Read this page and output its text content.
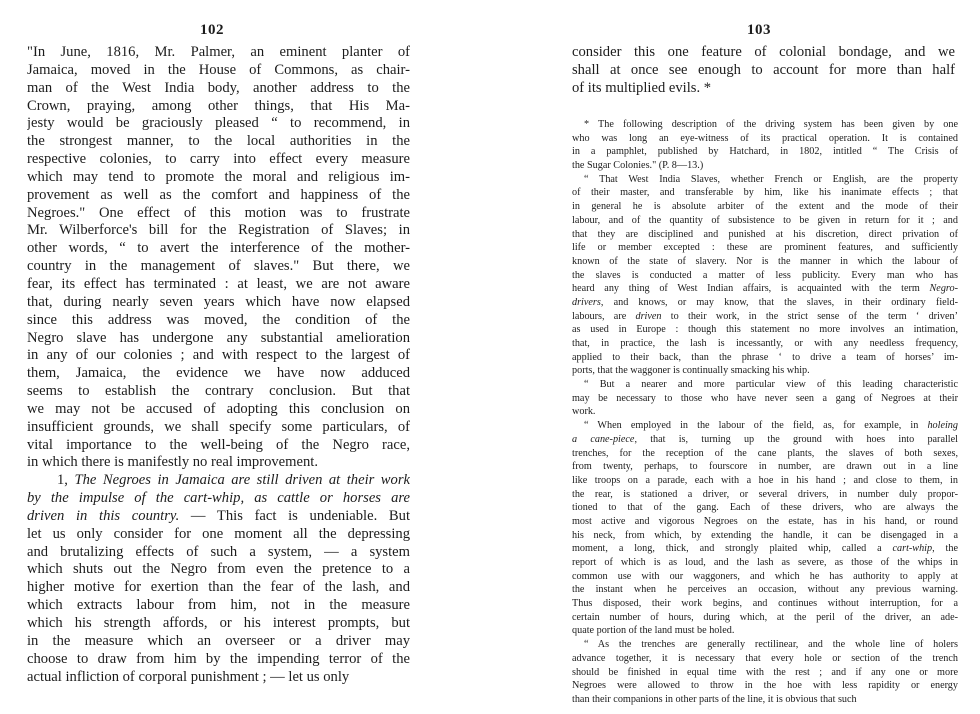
102
"In June, 1816, Mr. Palmer, an eminent planter of
Jamaica, moved in the House of Commons, as chair-
man of the West India body, another address to the
Crown, praying, among other things, that His Ma-
jesty would be graciously pleased “ to recommend, in
the strongest manner, to the local authorities in the
respective colonies, to carry into effect every measure
which may tend to promote the moral and religious im-
provement as well as the comfort and happiness of the
Negroes." One effect of this motion was to frustrate
Mr. Wilberforce's bill for the Registration of Slaves; in
other words, “ to avert the interference of the mother-
country in the management of slaves." But there, we
fear, its effect has terminated : at least, we are not aware
that, during nearly seven years which have now elapsed
since this address was moved, the condition of the
Negro slave has undergone any substantial amelioration
in any of our colonies ; and with respect to the largest of
them, Jamaica, the evidence we have now adduced
seems to establish the contrary conclusion. But that
we may not be accused of adopting this conclusion on
insufficient grounds, we shall specify some particulars, of
vital importance to the well-being of the Negro race,
in which there is manifestly no real improvement.
1, The Negroes in Jamaica are still driven at their work
by the impulse of the cart-whip, as cattle or horses are
driven in this country. — This fact is undeniable. But
let us only consider for one moment all the depressing
and brutalizing effects of such a system, — a system
which shuts out the Negro from even the pretence to a
higher motive for exertion than the fear of the lash, and
which extracts labour from him, not in the measure
which his strength affords, or his interest prompts, but
in the measure which an overseer or a driver may
choose to draw from him by the impending terror of the
actual infliction of corporal punishment ; — let us only
103
consider this one feature of colonial bondage, and we
shall at once see enough to account for more than half
of its multiplied evils. *
* The following description of the driving system has been given by one
who was long an eye-witness of its practical operation. It is contained
in a pamphlet, published by Hatchard, in 1802, intitled “ The Crisis of
the Sugar Colonies." (P. 8—13.)
“ That West India Slaves, whether French or English, are the property
of their master, and transferable by him, like his inanimate effects ; that
in general he is absolute arbiter of the extent and the mode of their
labour, and of the quantity of subsistence to be given in return for it ; and
that they are disciplined and punished at his discretion, direct privation of
life or member excepted : these are prominent features, and sufficiently
known of the state of slavery. Nor is the manner in which the labour of
the slaves is conducted a matter of less publicity. Every man who has
heard any thing of West Indian affairs, is acquainted with the term Negro-
drivers, and knows, or may know, that the slaves, in their ordinary field-
labours, are driven to their work, in the strict sense of the term ‘ driven’
as used in Europe : though this statement no more involves an intimation,
that, in practice, the lash is incessantly, or with any needless frequency,
applied to their back, than the phrase ‘ to drive a team of horses’ im-
ports, that the waggoner is continually smacking his whip.
“ But a nearer and more particular view of this leading characteristic
may be necessary to those who have never seen a gang of Negroes at their
work.
“ When employed in the labour of the field, as, for example, in holeing
a cane-piece, that is, turning up the ground with hoes into parallel
trenches, for the reception of the cane plants, the slaves of both sexes,
from twenty, perhaps, to fourscore in number, are drawn out in a line
like troops on a parade, each with a hoe in his hand ; and close to them, in
the rear, is stationed a driver, or several drivers, in number duly propor-
tioned to that of the gang. Each of these drivers, who are always the
most active and vigorous Negroes on the estate, has in his hand, or round
his neck, from which, by extending the handle, it can be disengaged in a
moment, a long, thick, and strongly plaited whip, called a cart-whip, the
report of which is as loud, and the lash as severe, as those of the whips in
common use with our waggoners, and which he has authority to apply at
the instant when he perceives an occasion, without any previous warning.
Thus disposed, their work begins, and continues without interruption, for a
certain number of hours, during which, at the peril of the driver, an ade-
quate portion of the land must be holed.
“ As the trenches are generally rectilinear, and the whole line of holers
advance together, it is necessary that every hole or section of the trench
should be finished in equal time with the rest ; and if any one or more
Negroes were allowed to throw in the hoe with less rapidity or energy
than their companions in other parts of the line, it is obvious that such
